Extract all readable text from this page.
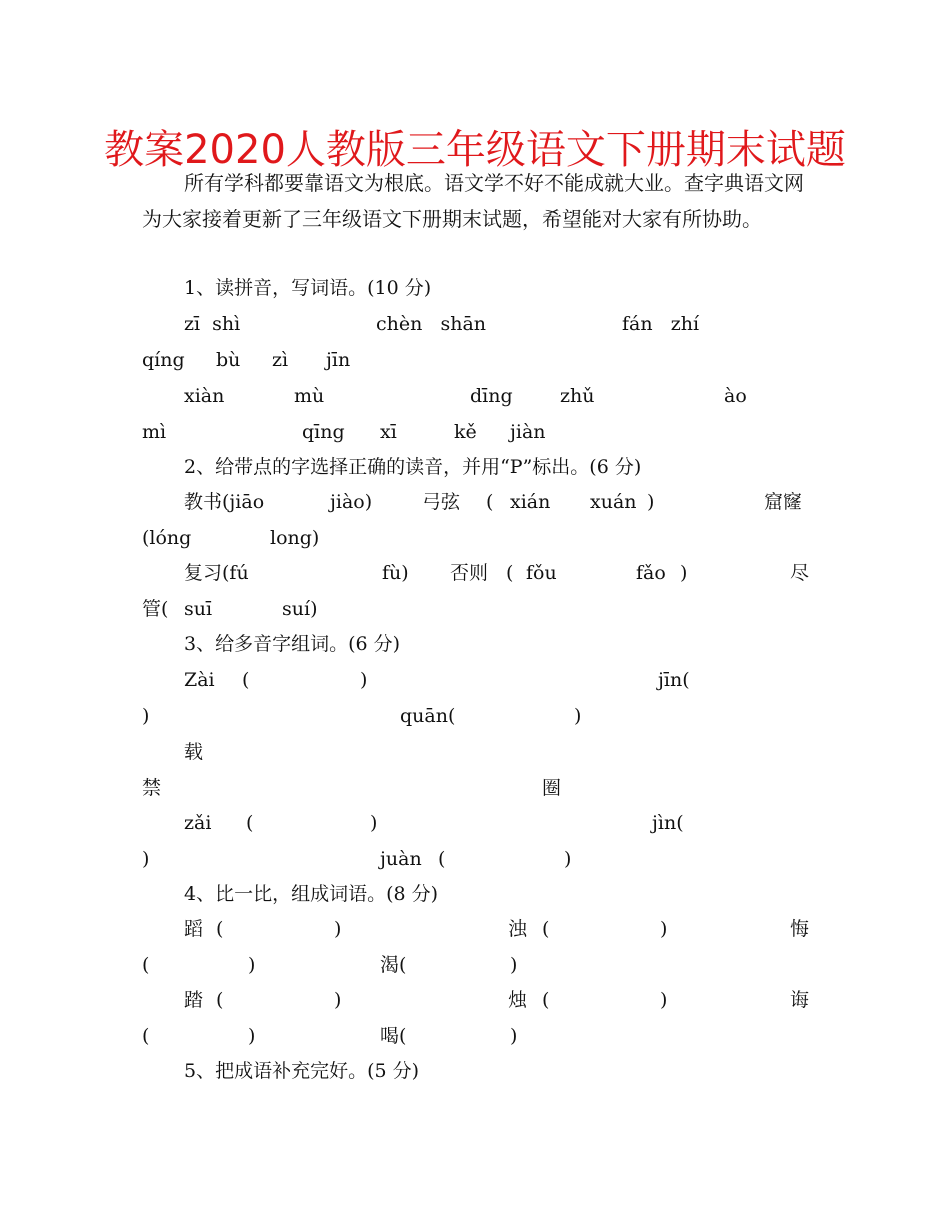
教案2020人教版三年级语文下册期末试题

所有学科都要靠语文为根底。语文学不好不能成就大业。查字典语文网为大家接着更新了三年级语文下册期末试题，希望能对大家有所协助。

1、读拼音，写词语。(10 分)
zī  shì	chèn   shān	fán   zhí
qíng bù zì jīn
xiàn	mù	dīng zhǔ	ào
mì	qīng xī	kě jiàn
2、给带点的字选择正确的读音，并用“P”标出。(6 分)
教书(jiāo	jiào)	弓弦 ( xián xuán )	窟窿
(lóng	long)
复习(fú	fù) 否则 ( fǒu	fǎo )	尽
管( suī	suí)
3、给多音字组词。(6 分)
Zài (	)	jīn(
)	quān(	)
载
禁	圈
zǎi (	)	jìn(
)	juàn (	)
4、比一比，组成词语。(8 分)
蹈 (	)	浊 (	)	悔
(	)	渴(	)
踏 (	)	烛 (	)	诲
(	)	喝(	)
5、把成语补充完好。(5 分)
